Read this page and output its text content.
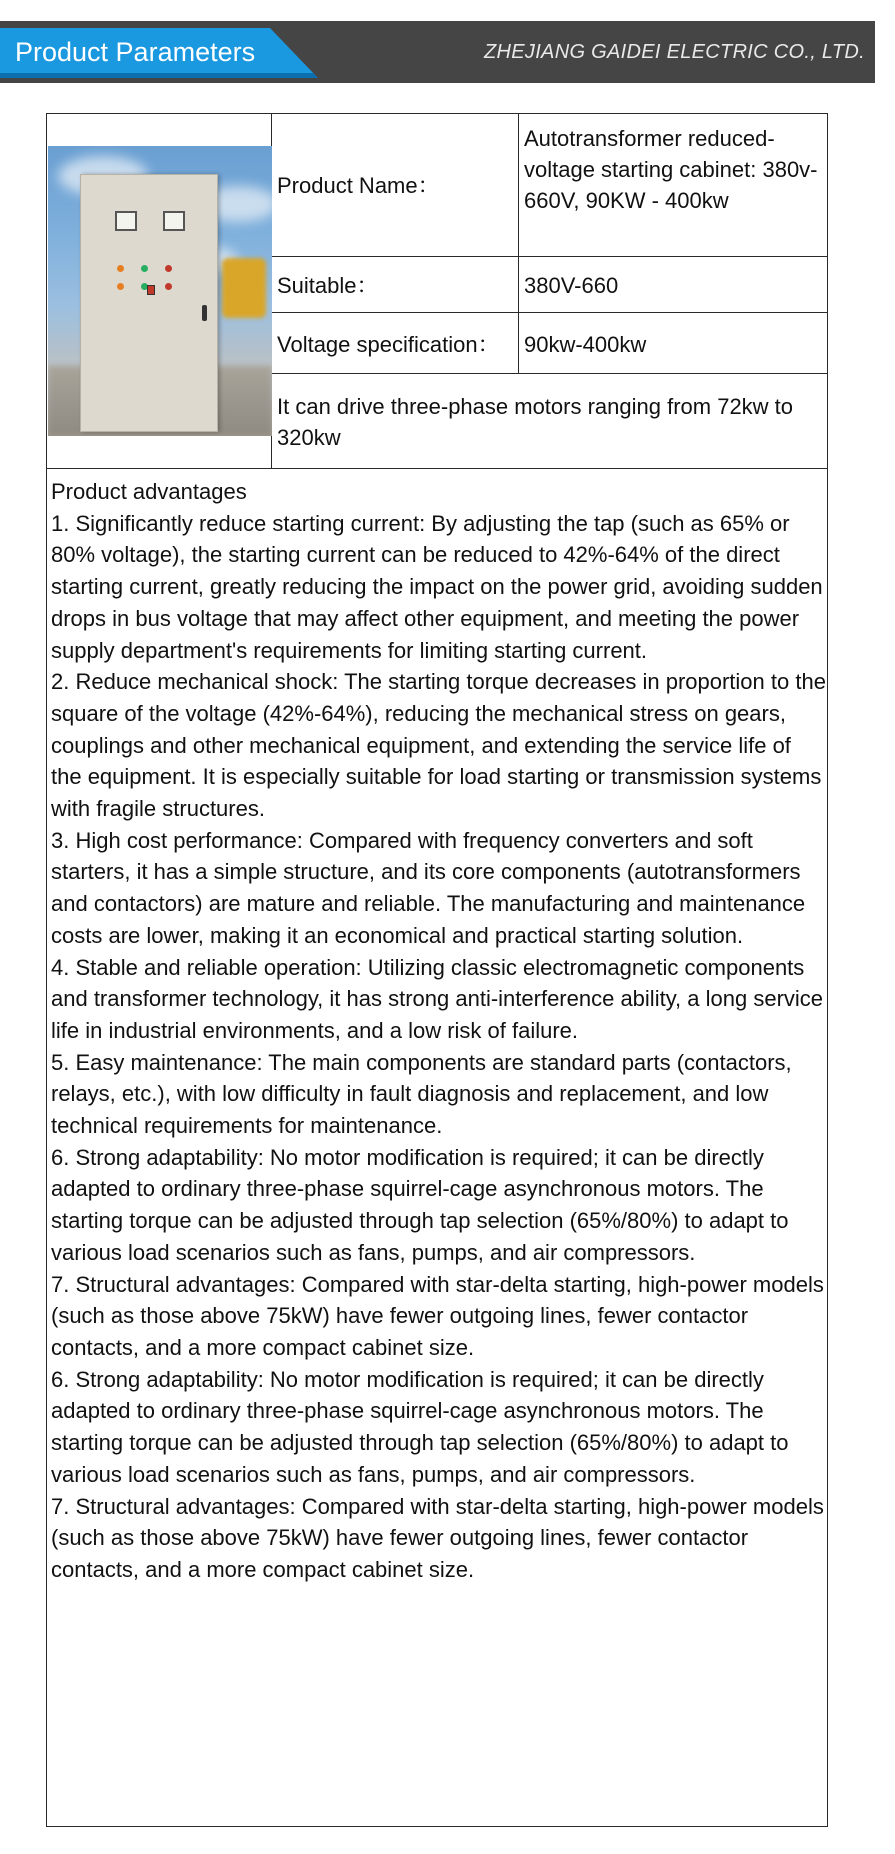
Product Parameters	ZHEJIANG GAIDEI ELECTRIC CO., LTD.
Product Name：
Autotransformer reduced-voltage starting cabinet: 380v- 660V, 90KW - 400kw
Suitable：	380V-660
Voltage specification： 90kw-400kw
It can drive three-phase motors ranging from 72kw to 320kw

Product advantages

1. Significantly reduce starting current: By adjusting the tap (such as 65% or 80% voltage), the starting current can be reduced to 42%-64% of the direct starting current, greatly reducing the impact on the power grid, avoiding sudden drops in bus voltage that may affect other equipment, and meeting the power supply department's requirements for limiting starting current.

2. Reduce mechanical shock: The starting torque decreases in proportion to the square of the voltage (42%-64%), reducing the mechanical stress on gears, couplings and other mechanical equipment, and extending the service life of the equipment. It is especially suitable for load starting or transmission systems with fragile structures.

3. High cost performance: Compared with frequency converters and soft starters, it has a simple structure, and its core components (autotransformers and contactors) are mature and reliable. The manufacturing and maintenance costs are lower, making it an economical and practical starting solution.

4. Stable and reliable operation: Utilizing classic electromagnetic components and transformer technology, it has strong anti-interference ability, a long service life in industrial environments, and a low risk of failure.

5. Easy maintenance: The main components are standard parts (contactors, relays, etc.), with low difficulty in fault diagnosis and replacement, and low technical requirements for maintenance.

6. Strong adaptability: No motor modification is required; it can be directly adapted to ordinary three-phase squirrel-cage asynchronous motors. The starting torque can be adjusted through tap selection (65%/80%) to adapt to various load scenarios such as fans, pumps, and air compressors.

7. Structural advantages: Compared with star-delta starting, high-power models (such as those above 75kW) have fewer outgoing lines, fewer contactor contacts, and a more compact cabinet size.

6. Strong adaptability: No motor modification is required; it can be directly adapted to ordinary three-phase squirrel-cage asynchronous motors. The starting torque can be adjusted through tap selection (65%/80%) to adapt to various load scenarios such as fans, pumps, and air compressors.

7. Structural advantages: Compared with star-delta starting, high-power models (such as those above 75kW) have fewer outgoing lines, fewer contactor contacts, and a more compact cabinet size.
